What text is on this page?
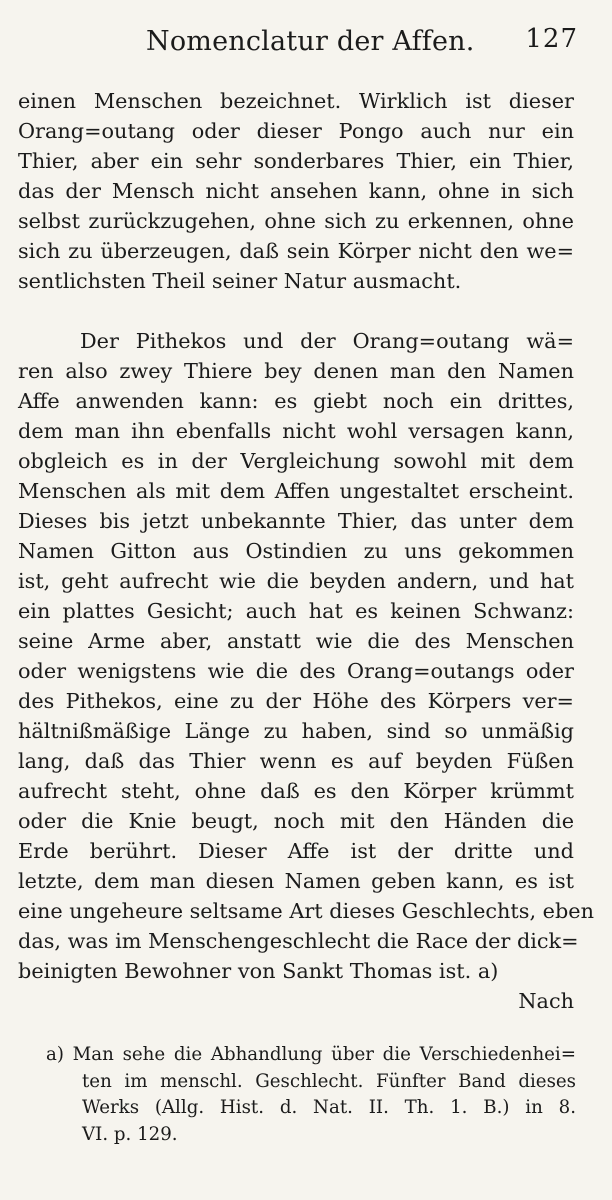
Nomenclatur der Affen. 127
einen Menschen bezeichnet. Wirklich ist dieser
Orang=outang oder dieser Pongo auch nur ein
Thier, aber ein sehr sonderbares Thier, ein Thier,
das der Mensch nicht ansehen kann, ohne in sich
selbst zurückzugehen, ohne sich zu erkennen, ohne
sich zu überzeugen, daß sein Körper nicht den we=
sentlichsten Theil seiner Natur ausmacht.
Der Pithekos und der Orang=outang wä=
ren also zwey Thiere bey denen man den Namen
Affe anwenden kann: es giebt noch ein drittes,
dem man ihn ebenfalls nicht wohl versagen kann,
obgleich es in der Vergleichung sowohl mit dem
Menschen als mit dem Affen ungestaltet erscheint.
Dieses bis jetzt unbekannte Thier, das unter dem
Namen Gitton aus Ostindien zu uns gekommen
ist, geht aufrecht wie die beyden andern, und hat
ein plattes Gesicht; auch hat es keinen Schwanz:
seine Arme aber, anstatt wie die des Menschen
oder wenigstens wie die des Orang=outangs oder
des Pithekos, eine zu der Höhe des Körpers ver=
hältnißmäßige Länge zu haben, sind so unmäßig
lang, daß das Thier wenn es auf beyden Füßen
aufrecht steht, ohne daß es den Körper krümmt
oder die Knie beugt, noch mit den Händen die
Erde berührt. Dieser Affe ist der dritte und
letzte, dem man diesen Namen geben kann, es ist
eine ungeheure seltsame Art dieses Geschlechts, eben
das, was im Menschengeschlecht die Race der dick=
beinigten Bewohner von Sankt Thomas ist. a)
Nach
a) Man sehe die Abhandlung über die Verschiedenhei=
ten im menschl. Geschlecht. Fünfter Band dieses
Werks (Allg. Hist. d. Nat. II. Th. 1. B.) in 8.
VI. p. 129.
